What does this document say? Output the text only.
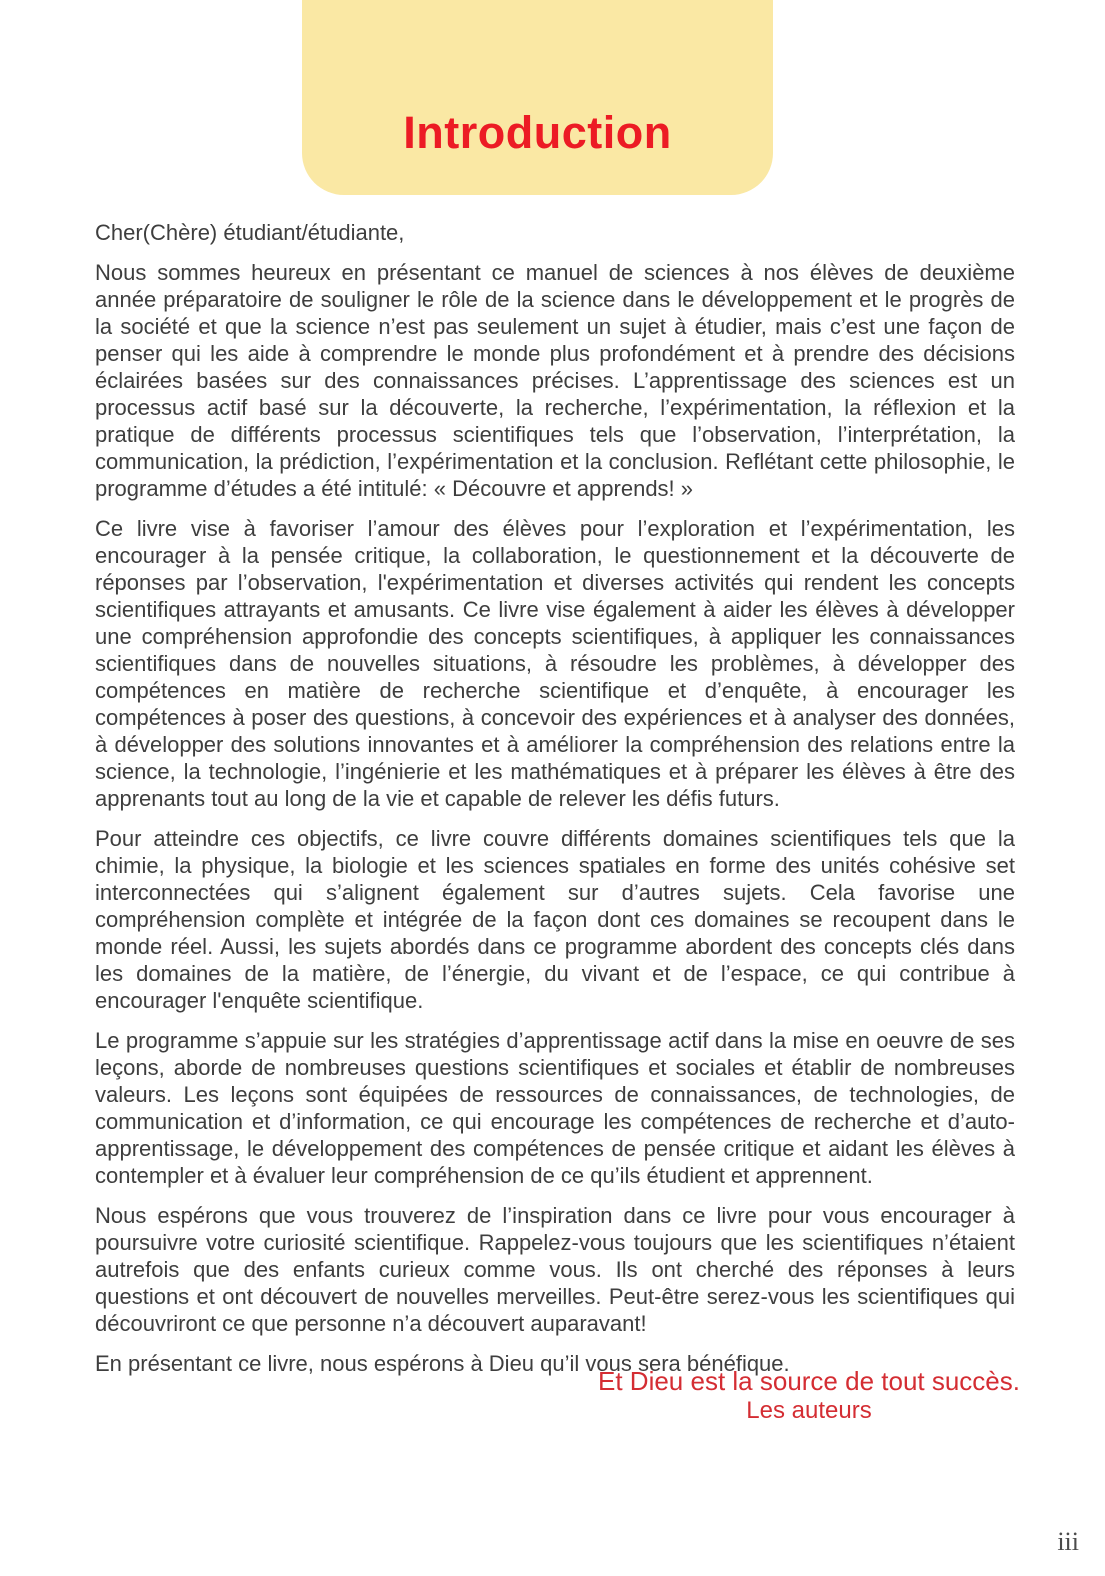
Introduction

Cher(Chère) étudiant/étudiante,

Nous sommes heureux en présentant ce manuel de sciences à nos élèves de deuxième année préparatoire de souligner le rôle de la science dans le développement et le progrès de la société et que la science n’est pas seulement un sujet à étudier, mais c’est une façon de penser qui les aide à comprendre le monde plus profondément et à prendre des décisions éclairées basées sur des connaissances précises. L’apprentissage des sciences est un processus actif basé sur la découverte, la recherche, l’expérimentation, la réflexion et la pratique de différents processus scientifiques tels que l’observation, l’interprétation, la communication, la prédiction, l’expérimentation et la conclusion. Reflétant cette philosophie, le programme d’études a été intitulé: « Découvre et apprends! »

Ce livre vise à favoriser l’amour des élèves pour l’exploration et l’expérimentation, les encourager à la pensée critique, la collaboration, le questionnement et la découverte de réponses par l’observation, l'expérimentation et diverses activités qui rendent les concepts scientifiques attrayants et amusants. Ce livre vise également à aider les élèves à développer une compréhension approfondie des concepts scientifiques, à appliquer les connaissances scientifiques dans de nouvelles situations, à résoudre les problèmes, à développer des compétences en matière de recherche scientifique et d’enquête, à encourager les compétences à poser des questions, à concevoir des expériences et à analyser des données, à développer des solutions innovantes et à améliorer la compréhension des relations entre la science, la technologie, l’ingénierie et les mathématiques et à préparer les élèves à être des apprenants tout au long de la vie et capable de relever les défis futurs.

Pour atteindre ces objectifs, ce livre couvre différents domaines scientifiques tels que la chimie, la physique, la biologie et les sciences spatiales en forme des unités cohésive set interconnectées qui s’alignent également sur d’autres sujets. Cela favorise une compréhension complète et intégrée de la façon dont ces domaines se recoupent dans le monde réel. Aussi, les sujets abordés dans ce programme abordent des concepts clés dans les domaines de la matière, de l’énergie, du vivant et de l’espace, ce qui contribue à encourager l'enquête scientifique.

Le programme s’appuie sur les stratégies d’apprentissage actif dans la mise en oeuvre de ses leçons, aborde de nombreuses questions scientifiques et sociales et établir de nombreuses valeurs. Les leçons sont équipées de ressources de connaissances, de technologies, de communication et d’information, ce qui encourage les compétences de recherche et d’auto-apprentissage, le développement des compétences de pensée critique et aidant les élèves à contempler et à évaluer leur compréhension de ce qu’ils étudient et apprennent.

Nous espérons que vous trouverez de l’inspiration dans ce livre pour vous encourager à poursuivre votre curiosité scientifique. Rappelez-vous toujours que les scientifiques n’étaient autrefois que des enfants curieux comme vous. Ils ont cherché des réponses à leurs questions et ont découvert de nouvelles merveilles. Peut-être serez-vous les scientifiques qui découvriront ce que personne n’a découvert auparavant!

En présentant ce livre, nous espérons à Dieu qu’il vous sera bénéfique.

Et Dieu est la source de tout succès.

Les auteurs

iii
